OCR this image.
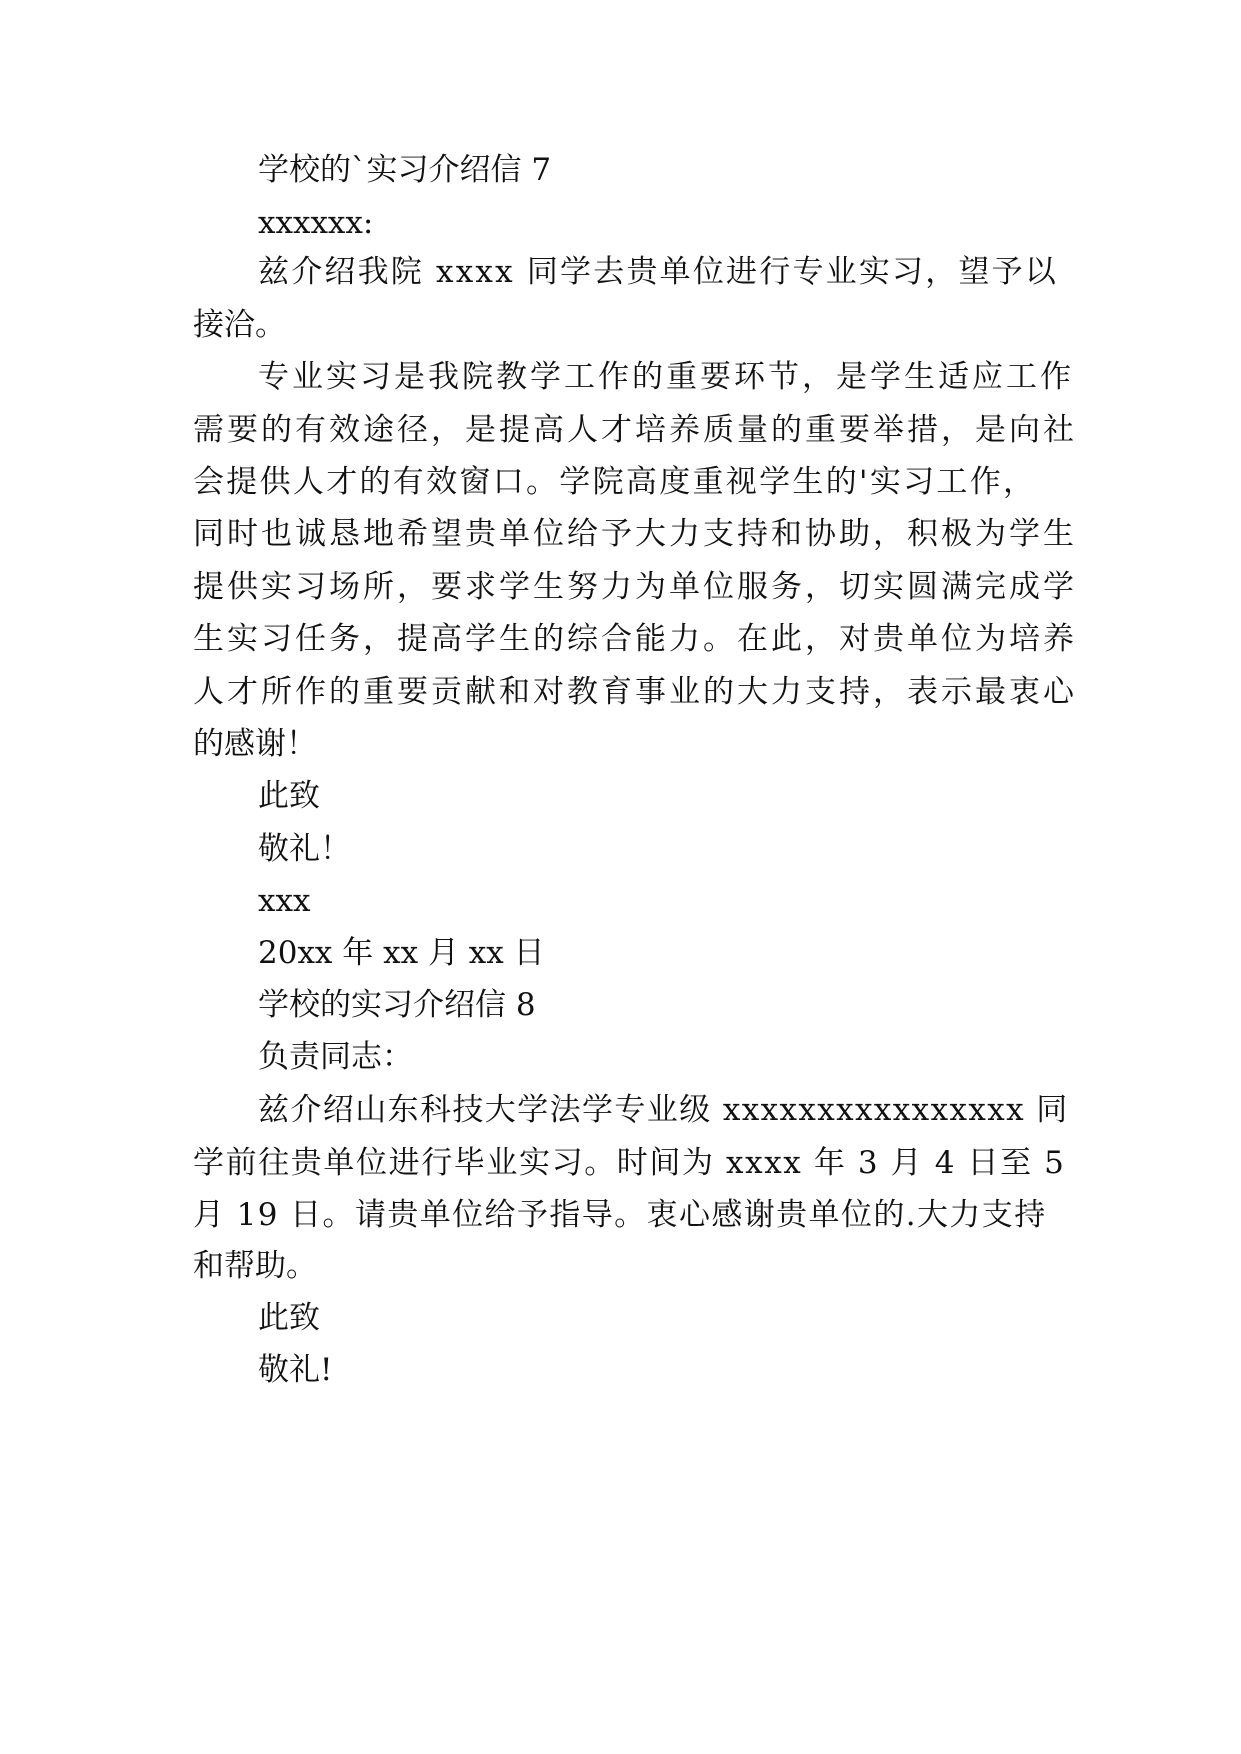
学校的`实习介绍信 7
xxxxxx:
兹介绍我院 xxxx 同学去贵单位进行专业实习，望予以
接洽。
专业实习是我院教学工作的重要环节，是学生适应工作
需要的有效途径，是提高人才培养质量的重要举措，是向社
会提供人才的有效窗口。学院高度重视学生的'实习工作，
同时也诚恳地希望贵单位给予大力支持和协助，积极为学生
提供实习场所，要求学生努力为单位服务，切实圆满完成学
生实习任务，提高学生的综合能力。在此，对贵单位为培养
人才所作的重要贡献和对教育事业的大力支持，表示最衷心
的感谢！
此致
敬礼！
xxx
20xx 年 xx 月 xx 日
学校的实习介绍信 8
负责同志：
兹介绍山东科技大学法学专业级 xxxxxxxxxxxxxxxx 同
学前往贵单位进行毕业实习。时间为 xxxx 年 3 月 4 日至 5
月 19 日。请贵单位给予指导。衷心感谢贵单位的.大力支持
和帮助。
此致
敬礼!
